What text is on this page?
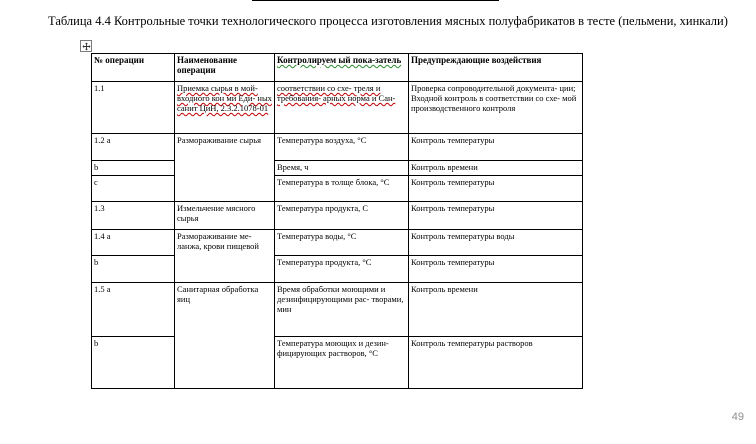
Таблица 4.4 Контрольные точки технологического процесса изготовления мясных полуфабрикатов в тесте (пельмени, хинкали)
№ операции	Наименование операции	Контролируем ый пока-затель	Предупреждающие воздействия
1.1	Приемка сырья в мой- входного кон ми Еди- ных санит ЦиН, 2.3.2.1078-01	соответствии со схе- треля и требования- арных норма и Сан-	Проверка сопроводительной документа- ции; Входной контроль в соответствии со схе- мой производственного контроля
1.2 а	Размораживание сырья	Температура воздуха, °С	Контроль температуры
b		Время, ч	Контроль времени
c		Температура в толще блока, °С	Контроль температуры
1.3	Измельчение мясного сырья	Температура продукта, С	Контроль температуры
1.4 а	Размораживание ме- ланжа, крови пищевой	Температура воды, °С	Контроль температуры воды
b		Температура продукта, °С	Контроль температуры
1.5 а	Санитарная обработка яиц	Время обработки моющими и дезинфицирующими рас- творами, мин	Контроль времени
b		Температура моющих и дезин- фицирующих растворов, °С	Контроль температуры растворов
49
